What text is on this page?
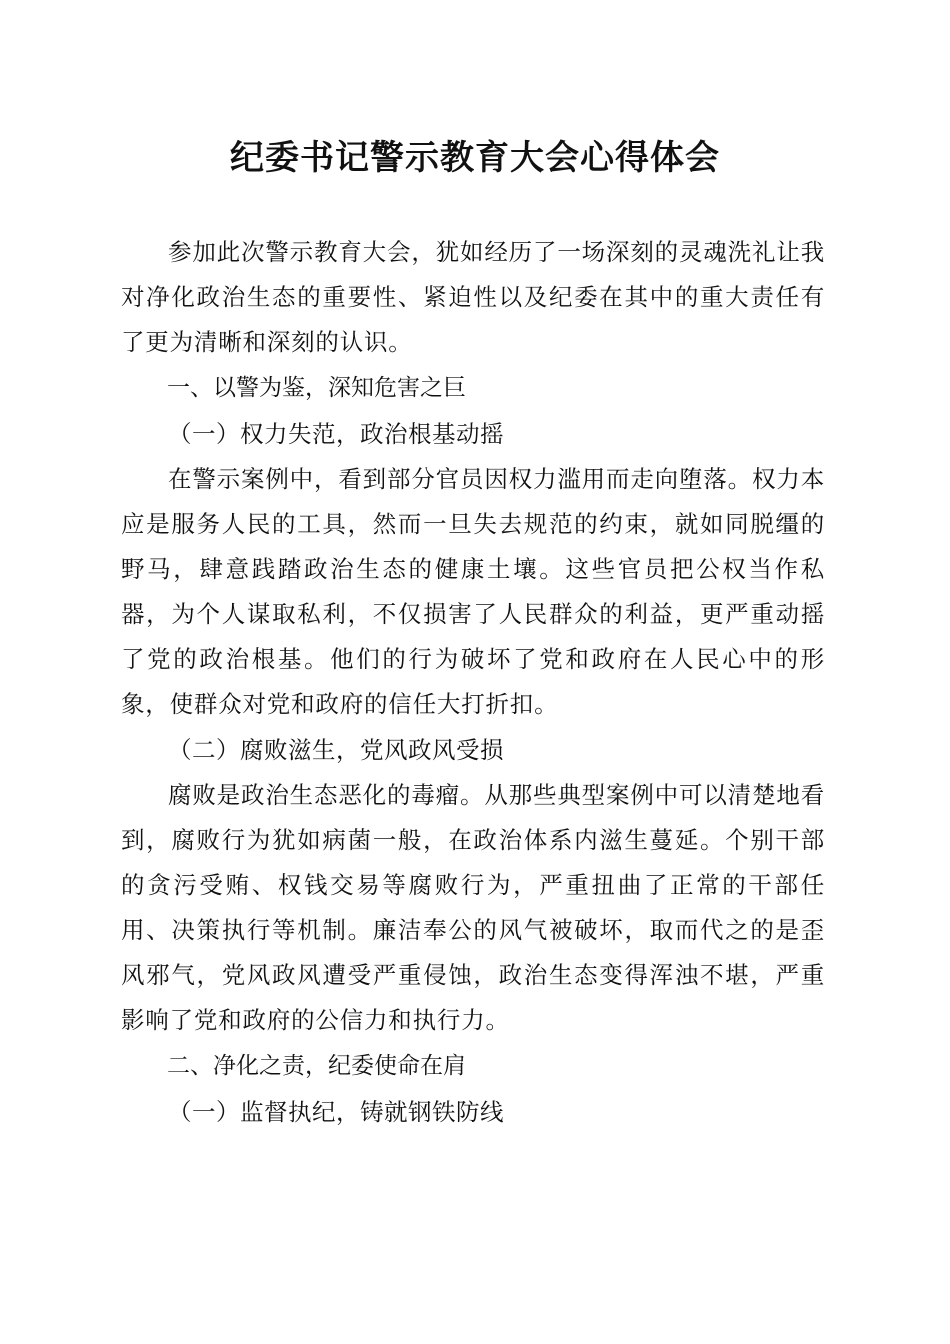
纪委书记警示教育大会心得体会

参加此次警示教育大会，犹如经历了一场深刻的灵魂洗礼让我对净化政治生态的重要性、紧迫性以及纪委在其中的重大责任有了更为清晰和深刻的认识。

一、以警为鉴，深知危害之巨

（一）权力失范，政治根基动摇

在警示案例中，看到部分官员因权力滥用而走向堕落。权力本应是服务人民的工具，然而一旦失去规范的约束，就如同脱缰的野马，肆意践踏政治生态的健康土壤。这些官员把公权当作私器，为个人谋取私利，不仅损害了人民群众的利益，更严重动摇了党的政治根基。他们的行为破坏了党和政府在人民心中的形象，使群众对党和政府的信任大打折扣。

（二）腐败滋生，党风政风受损

腐败是政治生态恶化的毒瘤。从那些典型案例中可以清楚地看到，腐败行为犹如病菌一般，在政治体系内滋生蔓延。个别干部的贪污受贿、权钱交易等腐败行为，严重扭曲了正常的干部任用、决策执行等机制。廉洁奉公的风气被破坏，取而代之的是歪风邪气，党风政风遭受严重侵蚀，政治生态变得浑浊不堪，严重影响了党和政府的公信力和执行力。

二、净化之责，纪委使命在肩

（一）监督执纪，铸就钢铁防线
